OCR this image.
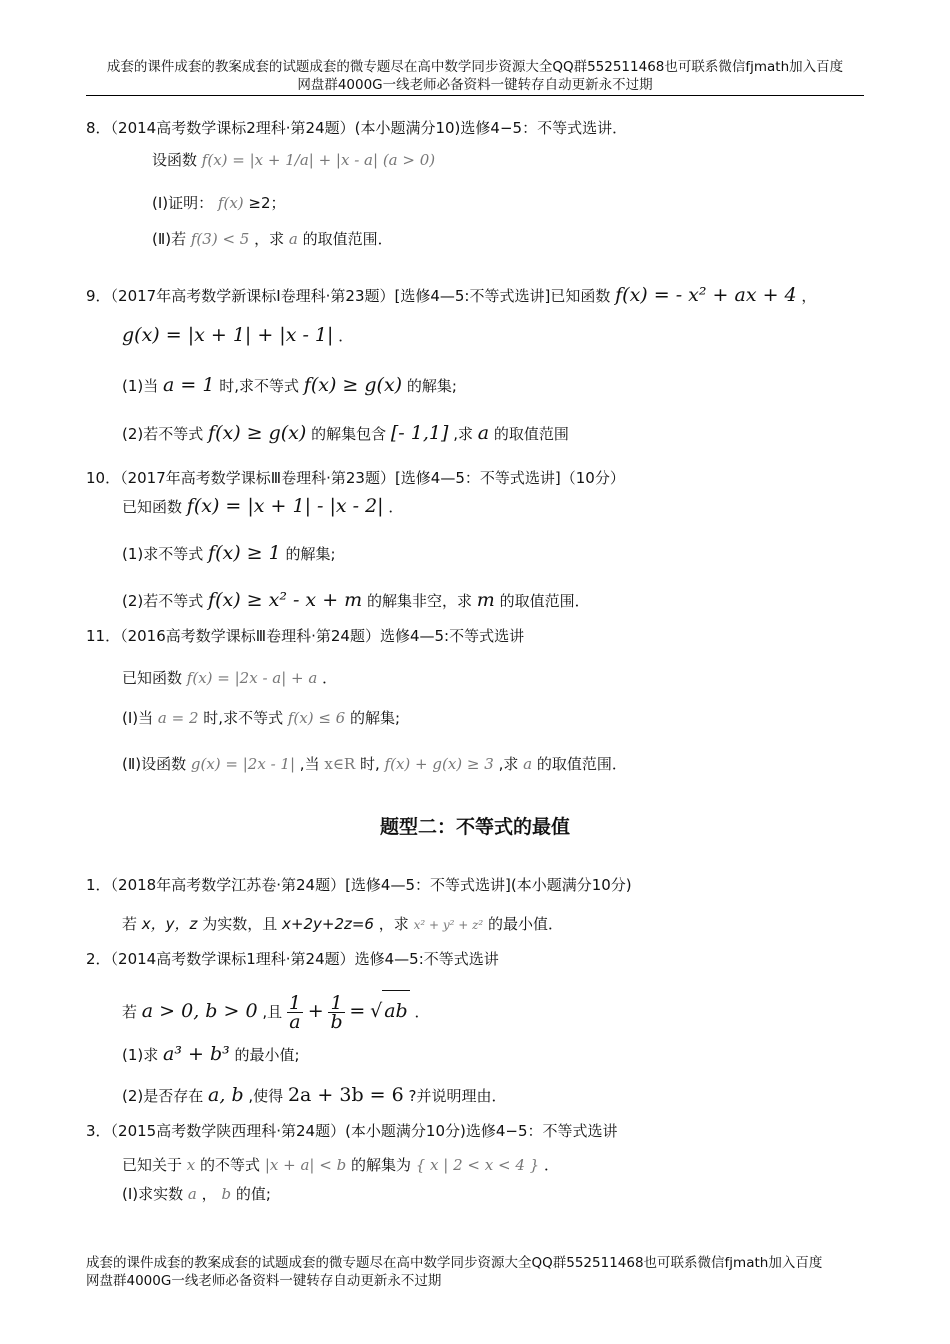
成套的课件成套的教案成套的试题成套的微专题尽在高中数学同步资源大全QQ群552511468也可联系微信fjmath加入百度
网盘群4000G一线老师必备资料一键转存自动更新永不过期
8．（2014高考数学课标2理科·第24题）(本小题满分10)选修4−5：不等式选讲．
设函数 f(x) = |x + 1/a| + |x - a| (a > 0)
(Ⅰ)证明： f(x) ≥2；
(Ⅱ)若 f(3) < 5 ，求 a 的取值范围．
9．（2017年高考数学新课标Ⅰ卷理科·第23题）[选修4—5:不等式选讲]已知函数 f(x) = - x² + ax + 4 ，
g(x) = |x + 1| + |x - 1| ．
(1)当 a = 1 时,求不等式 f(x) ≥ g(x) 的解集;
(2)若不等式 f(x) ≥ g(x) 的解集包含 [- 1,1] ,求 a 的取值范围
10．（2017年高考数学课标Ⅲ卷理科·第23题）[选修4—5：不等式选讲]（10分）
已知函数 f(x) = |x + 1| - |x - 2| ．
(1)求不等式 f(x) ≥ 1 的解集;
(2)若不等式 f(x) ≥ x² - x + m 的解集非空，求 m 的取值范围．
11．（2016高考数学课标Ⅲ卷理科·第24题）选修4—5:不等式选讲
已知函数 f(x) = |2x - a| + a ．
(Ⅰ)当 a = 2 时,求不等式 f(x) ≤ 6 的解集;
(Ⅱ)设函数 g(x) = |2x - 1| ,当 x∈R 时, f(x) + g(x) ≥ 3 ,求 a 的取值范围．
题型二：不等式的最值
1．（2018年高考数学江苏卷·第24题）[选修4—5：不等式选讲](本小题满分10分)
若 x，y，z 为实数，且 x+2y+2z=6 ，求 x² + y² + z² 的最小值．
2．（2014高考数学课标1理科·第24题）选修4—5:不等式选讲
若 a > 0, b > 0 ,且 $\frac{1}{a} + \frac{1}{b}$ = √ ab ．
(1)求 a³ + b³ 的最小值;
(2)是否存在 a, b ,使得 2a + 3b = 6 ?并说明理由．
3．（2015高考数学陕西理科·第24题）(本小题满分10分)选修4−5：不等式选讲
已知关于 x 的不等式 |x + a| < b 的解集为 { x | 2 < x < 4 } ．
(Ⅰ)求实数 a ， b 的值;
成套的课件成套的教案成套的试题成套的微专题尽在高中数学同步资源大全QQ群552511468也可联系微信fjmath加入百度
网盘群4000G一线老师必备资料一键转存自动更新永不过期
